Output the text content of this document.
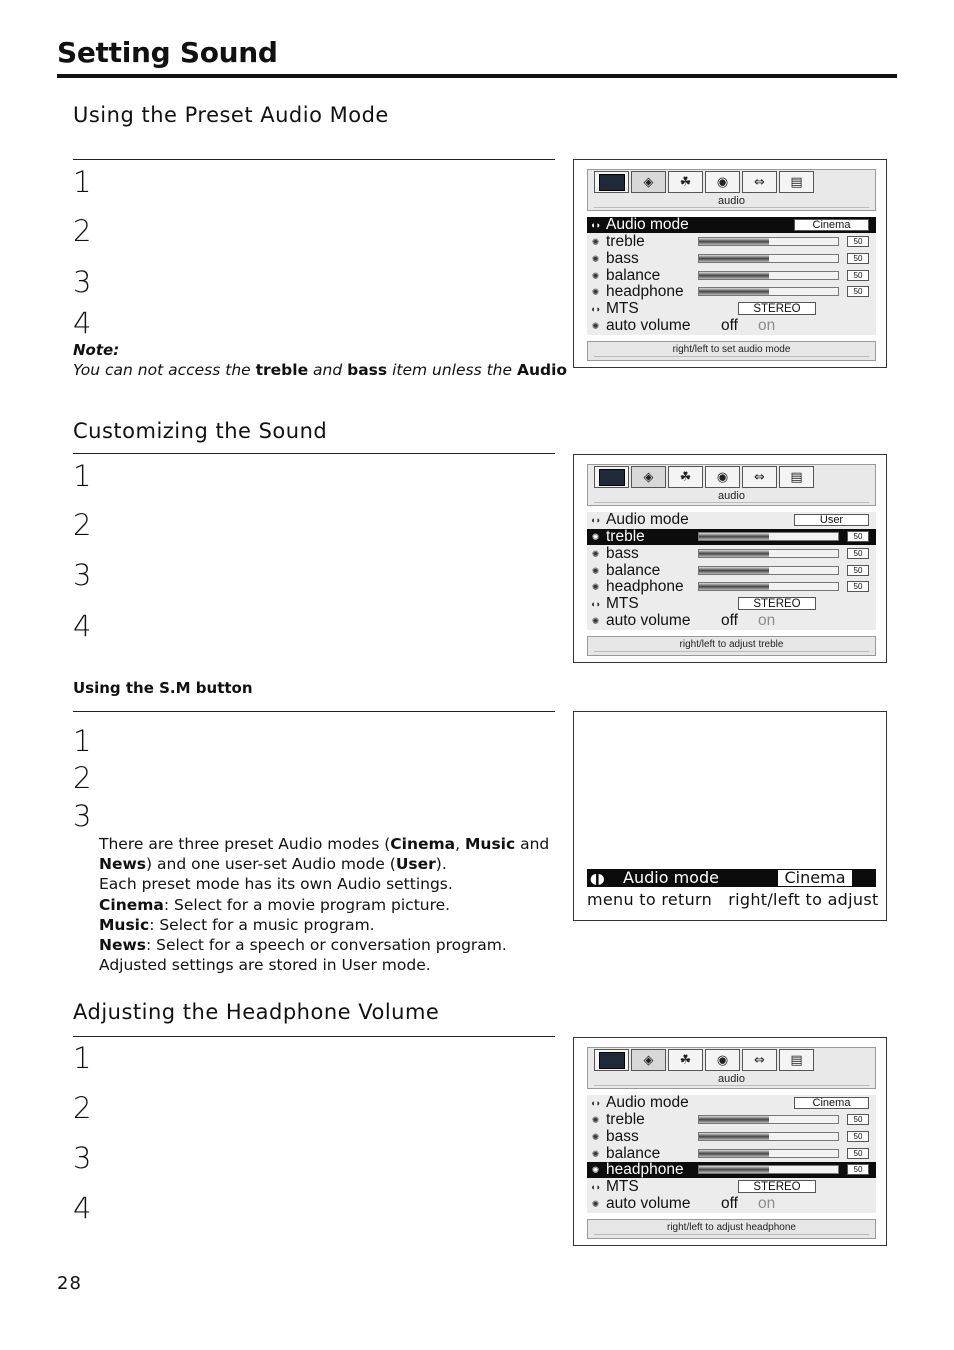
Setting Sound
Using the Preset Audio Mode
1
2
3
4
Note:
You can not access the treble and bass item unless the Audio
◈	☘	◉	⇔	▤
audio
◖◗ Audio mode	Cinema
✺ treble	50
✺ bass	50
✺ balance	50
✺ headphone	50
◖◗ MTS	STEREO
✺ auto volume off on
right/left to set audio mode
Customizing the Sound
1
2
3
4
◈	☘	◉	⇔	▤
audio
◖◗ Audio mode	User
✺ treble	50
✺ bass	50
✺ balance	50
✺ headphone	50
◖◗ MTS	STEREO
✺ auto volume off on
right/left to adjust treble
Using the S.M button
1
2
3
There are three preset Audio modes (Cinema, Music and
News) and one user-set Audio mode (User).
Each preset mode has its own Audio settings.
Cinema: Select for a movie program picture.
Music: Select for a music program.
News: Select for a speech or conversation program.
Adjusted settings are stored in User mode.
◖◗ Audio mode	Cinema
menu to return right/left to adjust
Adjusting the Headphone Volume
1
2
3
4
◈	☘	◉	⇔	▤
audio
◖◗ Audio mode	Cinema
✺ treble	50
✺ bass	50
✺ balance	50
✺ headphone	50
◖◗ MTS	STEREO
✺ auto volume off on
right/left to adjust headphone
28
